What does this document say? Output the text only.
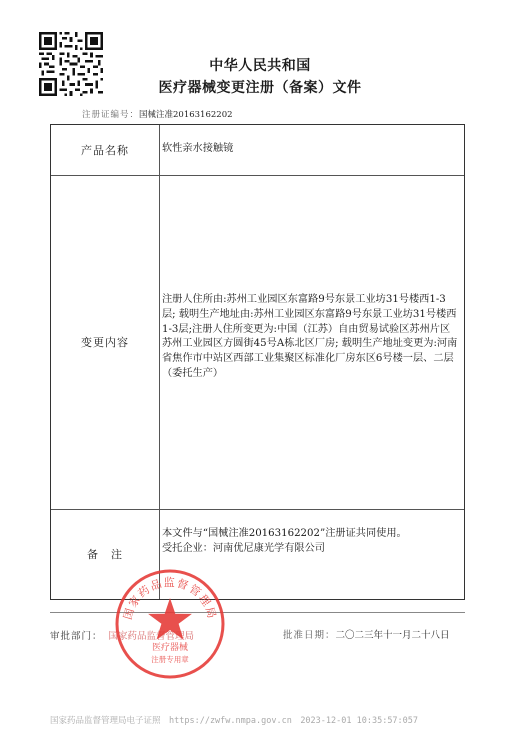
中华人民共和国
医疗器械变更注册（备案）文件
注册证编号：国械注准20163162202
产品名称	软性亲水接触镜
变更内容
注册人住所由:苏州工业园区东富路9号东景工业坊31号楼西1-3层; 载明生产地址由:苏州工业园区东富路9号东景工业坊31号楼西1-3层;注册人住所变更为:中国（江苏）自由贸易试验区苏州片区苏州工业园区方圆街45号A栋北区厂房; 载明生产地址变更为:河南省焦作市中站区西部工业集聚区标准化厂房东区6号楼一层、二层（委托生产）
备　注
本文件与“国械注准20163162202”注册证共同使用。
受托企业：河南优尼康光学有限公司
审批部门： 国家药品监督管理局	批准日期：二〇二三年十一月二十八日
国家药品监督管理局
医疗器械
注册专用章
国家药品监督管理局电子证照　https://zwfw.nmpa.gov.cn　2023-12-01 10:35:57:057
